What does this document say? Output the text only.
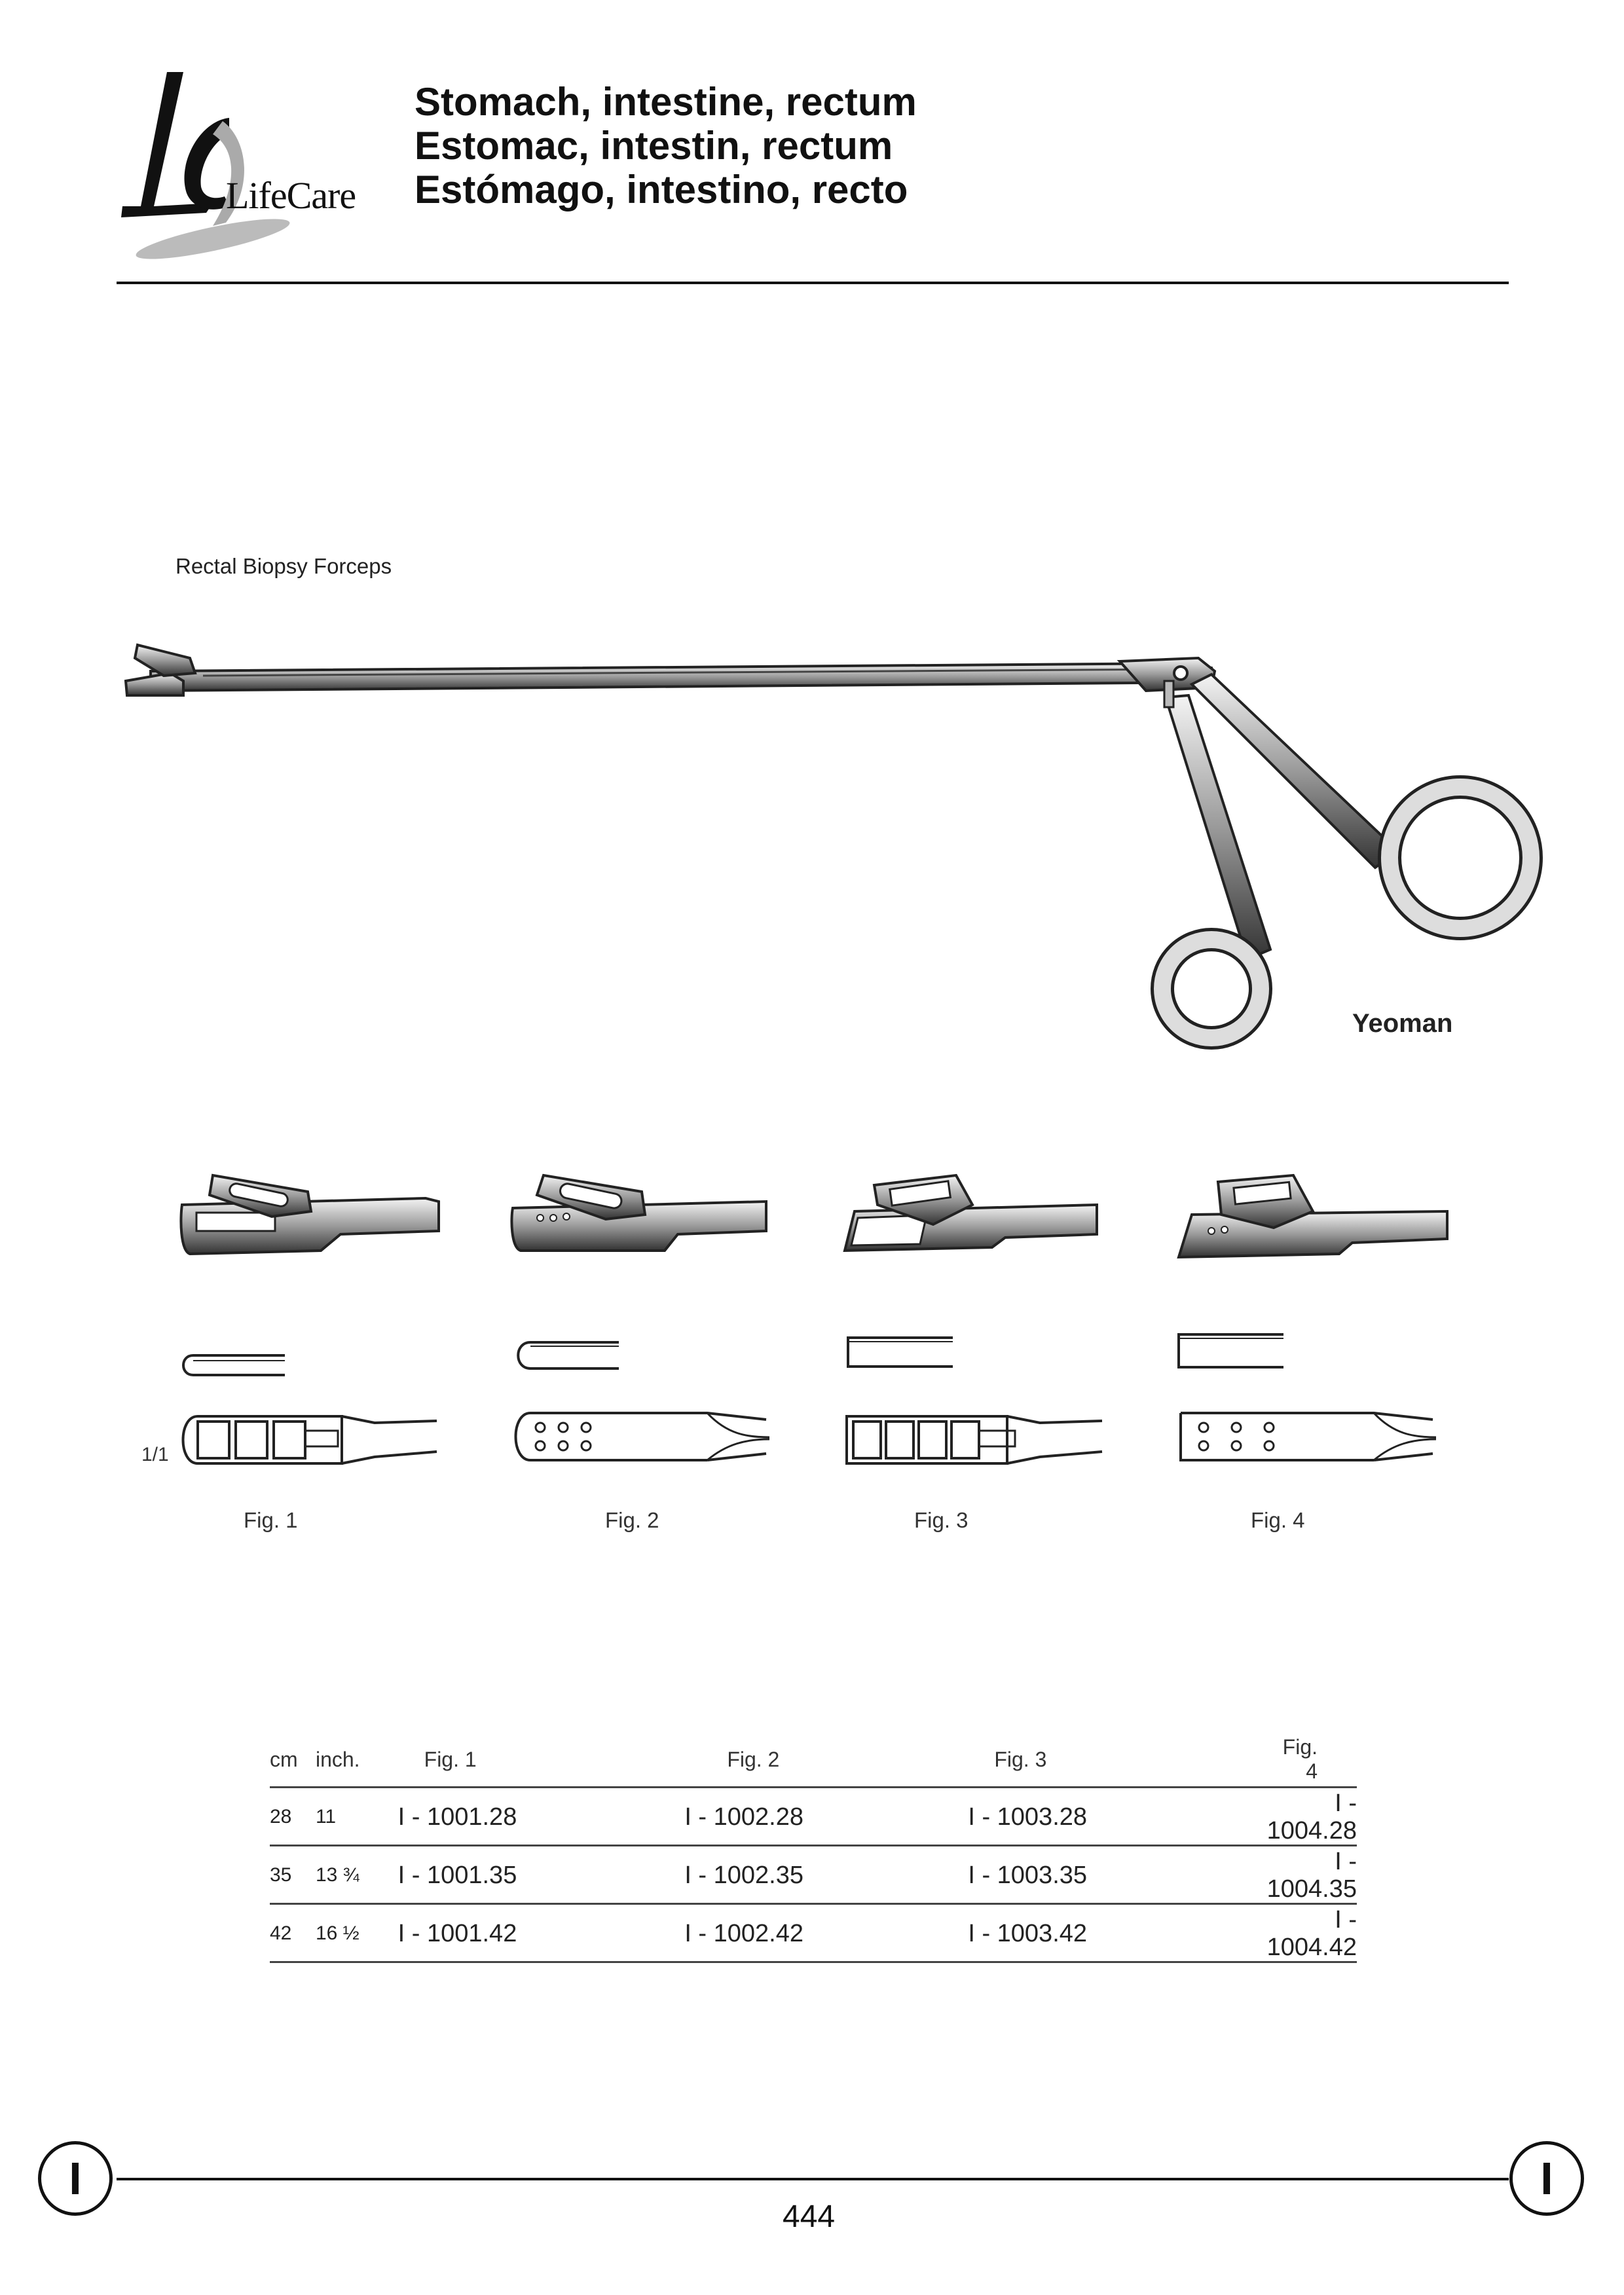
LifeCare
Stomach, intestine, rectum
Estomac, intestin, rectum
Estómago, intestino, recto
Rectal Biopsy Forceps
Yeoman
1/1
Fig. 1	Fig. 2	Fig. 3	Fig. 4
cm	inch.	Fig. 1	Fig. 2	Fig. 3	Fig. 4
28	11	I - 1001.28	I - 1002.28	I - 1003.28	I - 1004.28
35	13 ¾	I - 1001.35	I - 1002.35	I - 1003.35	I - 1004.35
42	16 ½	I - 1001.42	I - 1002.42	I - 1003.42	I - 1004.42
I	I
444
